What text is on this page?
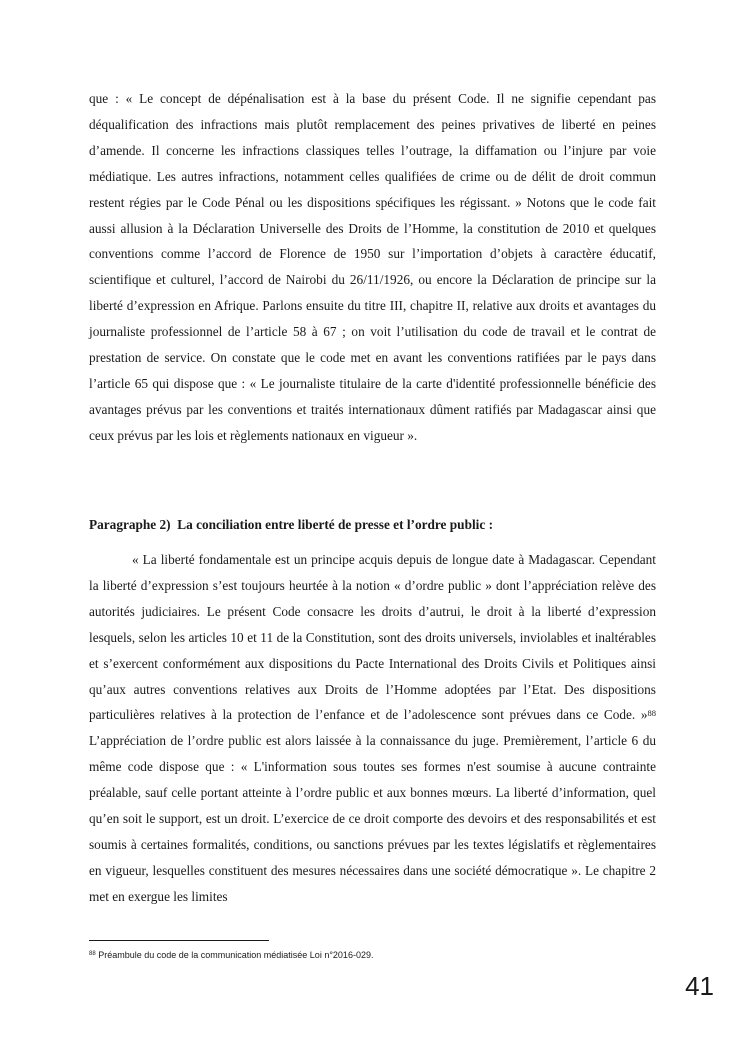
que : « Le concept de dépénalisation est à la base du présent Code. Il ne signifie cependant pas déqualification des infractions mais plutôt remplacement des peines privatives de liberté en peines d’amende. Il concerne les infractions classiques telles l’outrage, la diffamation ou l’injure par voie médiatique. Les autres infractions, notamment celles qualifiées de crime ou de délit de droit commun restent régies par le Code Pénal ou les dispositions spécifiques les régissant. » Notons que le code fait aussi allusion à la Déclaration Universelle des Droits de l’Homme, la constitution de 2010 et quelques conventions comme l’accord de Florence de 1950 sur l’importation d’objets à caractère éducatif, scientifique et culturel, l’accord de Nairobi du 26/11/1926, ou encore la Déclaration de principe sur la liberté d’expression en Afrique. Parlons ensuite du titre III, chapitre II, relative aux droits et avantages du journaliste professionnel de l’article 58 à 67 ; on voit l’utilisation du code de travail et le contrat de prestation de service. On constate que le code met en avant les conventions ratifiées par le pays dans l’article 65 qui dispose que : « Le journaliste titulaire de la carte d'identité professionnelle bénéficie des avantages prévus par les conventions et traités internationaux dûment ratifiés par Madagascar ainsi que ceux prévus par les lois et règlements nationaux en vigueur ».

Paragraphe 2)  La conciliation entre liberté de presse et l’ordre public :

« La liberté fondamentale est un principe acquis depuis de longue date à Madagascar. Cependant la liberté d’expression s’est toujours heurtée à la notion « d’ordre public » dont l’appréciation relève des autorités judiciaires. Le présent Code consacre les droits d’autrui, le droit à la liberté d’expression lesquels, selon les articles 10 et 11 de la Constitution, sont des droits universels, inviolables et inaltérables et s’exercent conformément aux dispositions du Pacte International des Droits Civils et Politiques ainsi qu’aux autres conventions relatives aux Droits de l’Homme adoptées par l’Etat. Des dispositions particulières relatives à la protection de l’enfance et de l’adolescence sont prévues dans ce Code. »$^{88}$ L’appréciation de l’ordre public est alors laissée à la connaissance du juge. Premièrement, l’article 6 du même code dispose que : « L'information sous toutes ses formes n'est soumise à aucune contrainte préalable, sauf celle portant atteinte à l’ordre public et aux bonnes mœurs. La liberté d’information, quel qu’en soit le support, est un droit. L’exercice de ce droit comporte des devoirs et des responsabilités et est soumis à certaines formalités, conditions, ou sanctions prévues par les textes législatifs et règlementaires en vigueur, lesquelles constituent des mesures nécessaires dans une société démocratique ». Le chapitre 2 met en exergue les limites

$^{88}$ Préambule du code de la communication médiatisée Loi n°2016-029.
41
